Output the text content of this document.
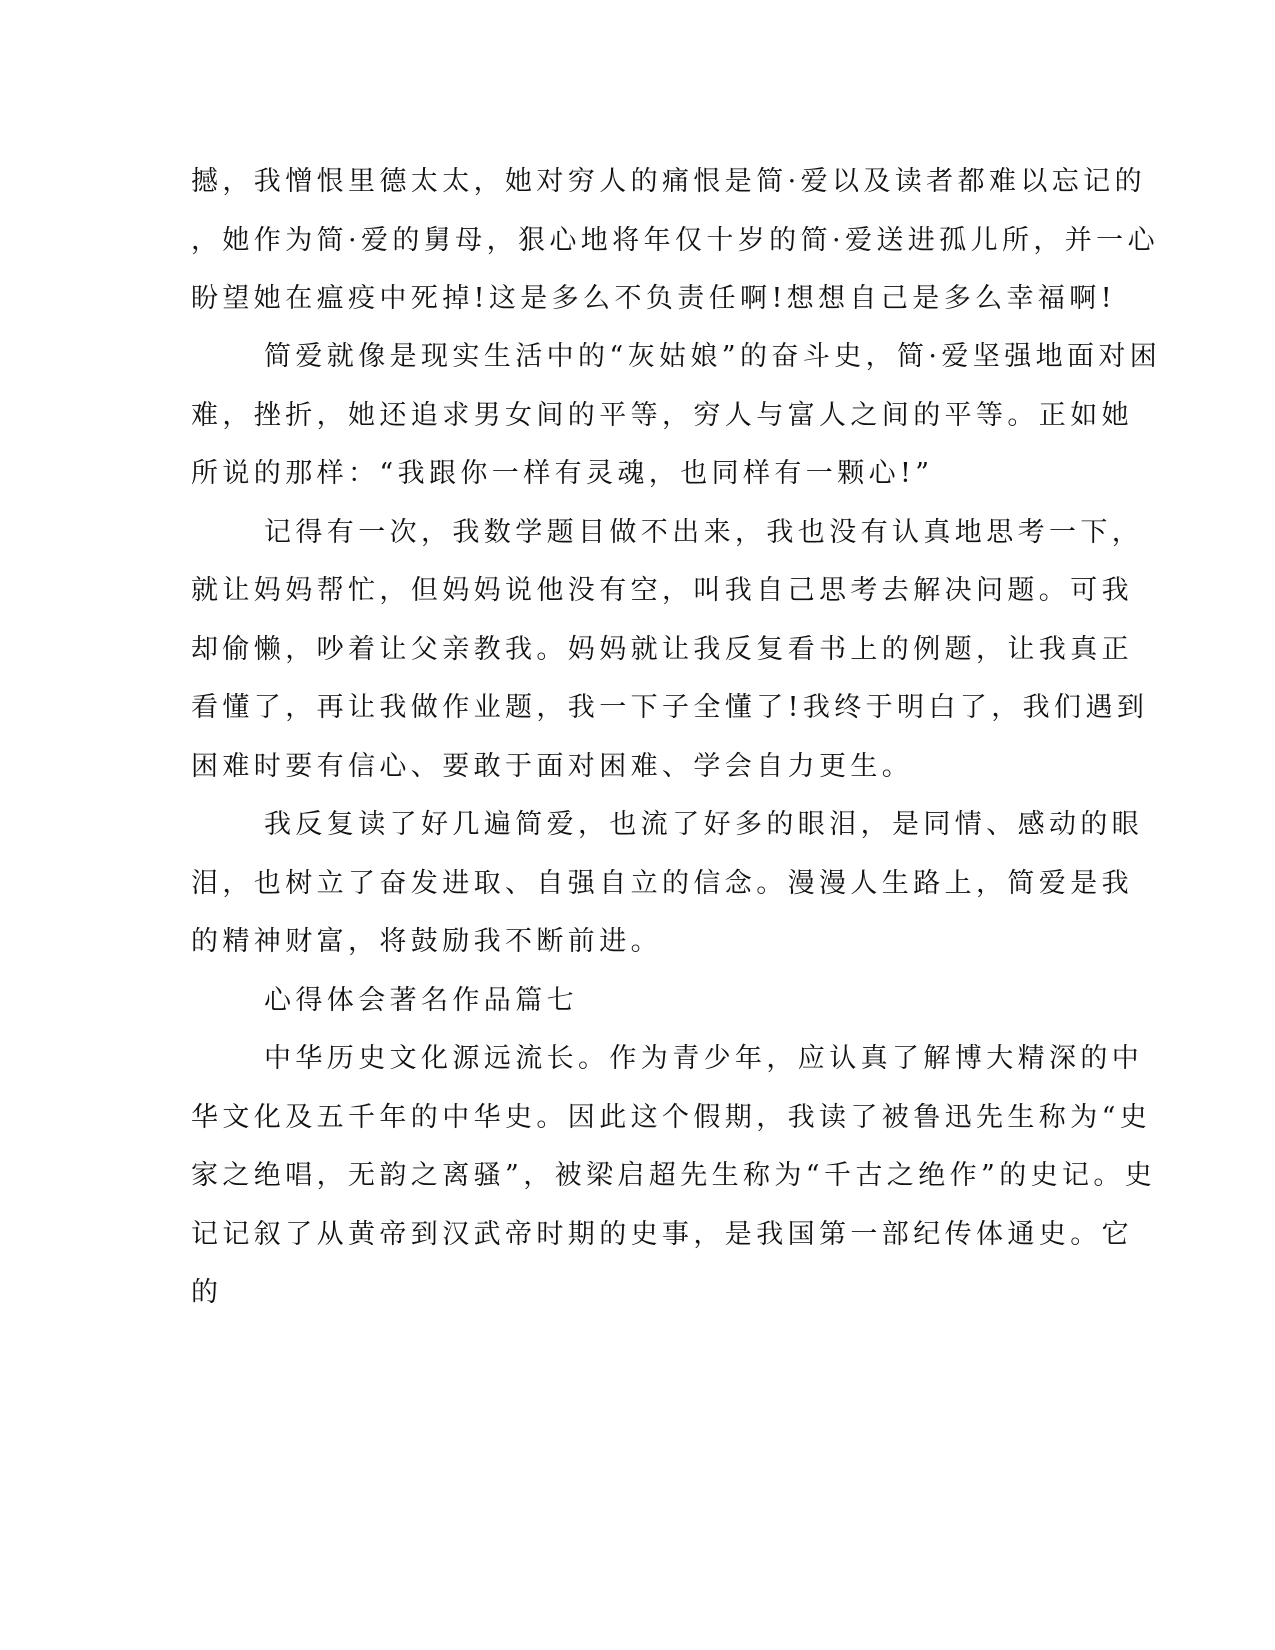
撼，我憎恨里德太太，她对穷人的痛恨是简·爱以及读者都难以忘记的
，她作为简·爱的舅母，狠心地将年仅十岁的简·爱送进孤儿所，并一心
盼望她在瘟疫中死掉!这是多么不负责任啊!想想自己是多么幸福啊!
简爱就像是现实生活中的“灰姑娘”的奋斗史，简·爱坚强地面对困
难，挫折，她还追求男女间的平等，穷人与富人之间的平等。正如她
所说的那样：“我跟你一样有灵魂，也同样有一颗心!”
记得有一次，我数学题目做不出来，我也没有认真地思考一下，
就让妈妈帮忙，但妈妈说他没有空，叫我自己思考去解决问题。可我
却偷懒，吵着让父亲教我。妈妈就让我反复看书上的例题，让我真正
看懂了，再让我做作业题，我一下子全懂了!我终于明白了，我们遇到
困难时要有信心、要敢于面对困难、学会自力更生。
我反复读了好几遍简爱，也流了好多的眼泪，是同情、感动的眼
泪，也树立了奋发进取、自强自立的信念。漫漫人生路上，简爱是我
的精神财富，将鼓励我不断前进。
心得体会著名作品篇七
中华历史文化源远流长。作为青少年，应认真了解博大精深的中
华文化及五千年的中华史。因此这个假期，我读了被鲁迅先生称为“史
家之绝唱，无韵之离骚”，被梁启超先生称为“千古之绝作”的史记。史
记记叙了从黄帝到汉武帝时期的史事，是我国第一部纪传体通史。它
的
